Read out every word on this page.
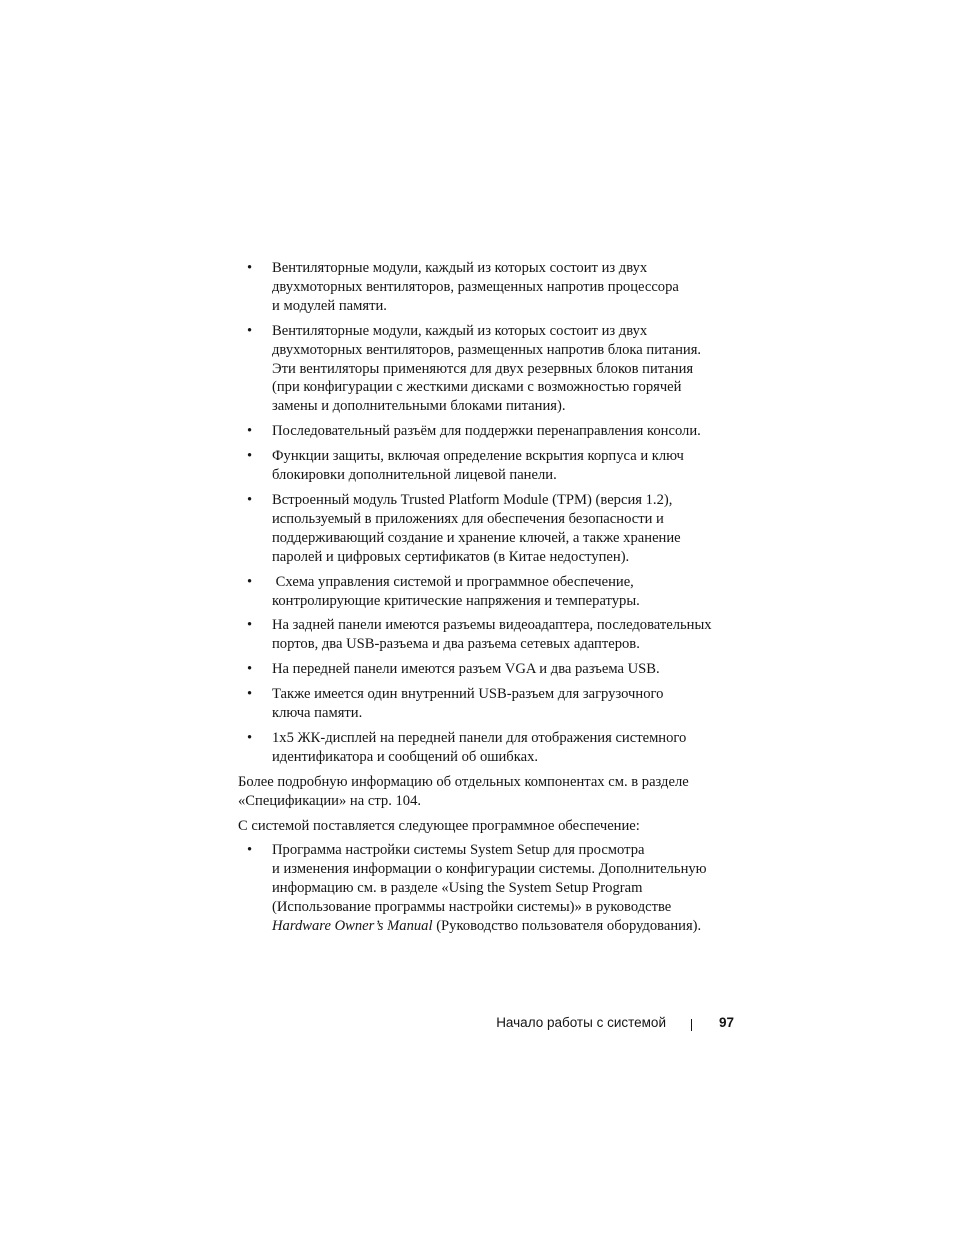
• Вентиляторные модули, каждый из которых состоит из двух
двухмоторных вентиляторов, размещенных напротив процессора
и модулей памяти.
• Вентиляторные модули, каждый из которых состоит из двух
двухмоторных вентиляторов, размещенных напротив блока питания.
Эти вентиляторы применяются для двух резервных блоков питания
(при конфигурации с жесткими дисками с возможностью горячей
замены и дополнительными блоками питания).
• Последовательный разъём для поддержки перенаправления консоли.
• Функции защиты, включая определение вскрытия корпуса и ключ
блокировки дополнительной лицевой панели.
• Встроенный модуль Trusted Platform Module (TPM) (версия 1.2),
используемый в приложениях для обеспечения безопасности и
поддерживающий создание и хранение ключей, а также хранение
паролей и цифровых сертификатов (в Китае недоступен).
• Схема управления системой и программное обеспечение,
контролирующие критические напряжения и температуры.
• На задней панели имеются разъемы видеоадаптера, последовательных
портов, два USB-разъема и два разъема сетевых адаптеров.
• На передней панели имеются разъем VGA и два разъема USB.
• Также имеется один внутренний USB-разъем для загрузочного
ключа памяти.
• 1x5 ЖК-дисплей на передней панели для отображения системного
идентификатора и сообщений об ошибках.

Более подробную информацию об отдельных компонентах см. в разделе
«Спецификации» на стр. 104.

С системой поставляется следующее программное обеспечение:

• Программа настройки системы System Setup для просмотра
и изменения информации о конфигурации системы. Дополнительную
информацию см. в разделе «Using the System Setup Program
(Использование программы настройки системы)» в руководстве
Hardware Owner’s Manual (Руководство пользователя оборудования).
Начало работы с системой	97
